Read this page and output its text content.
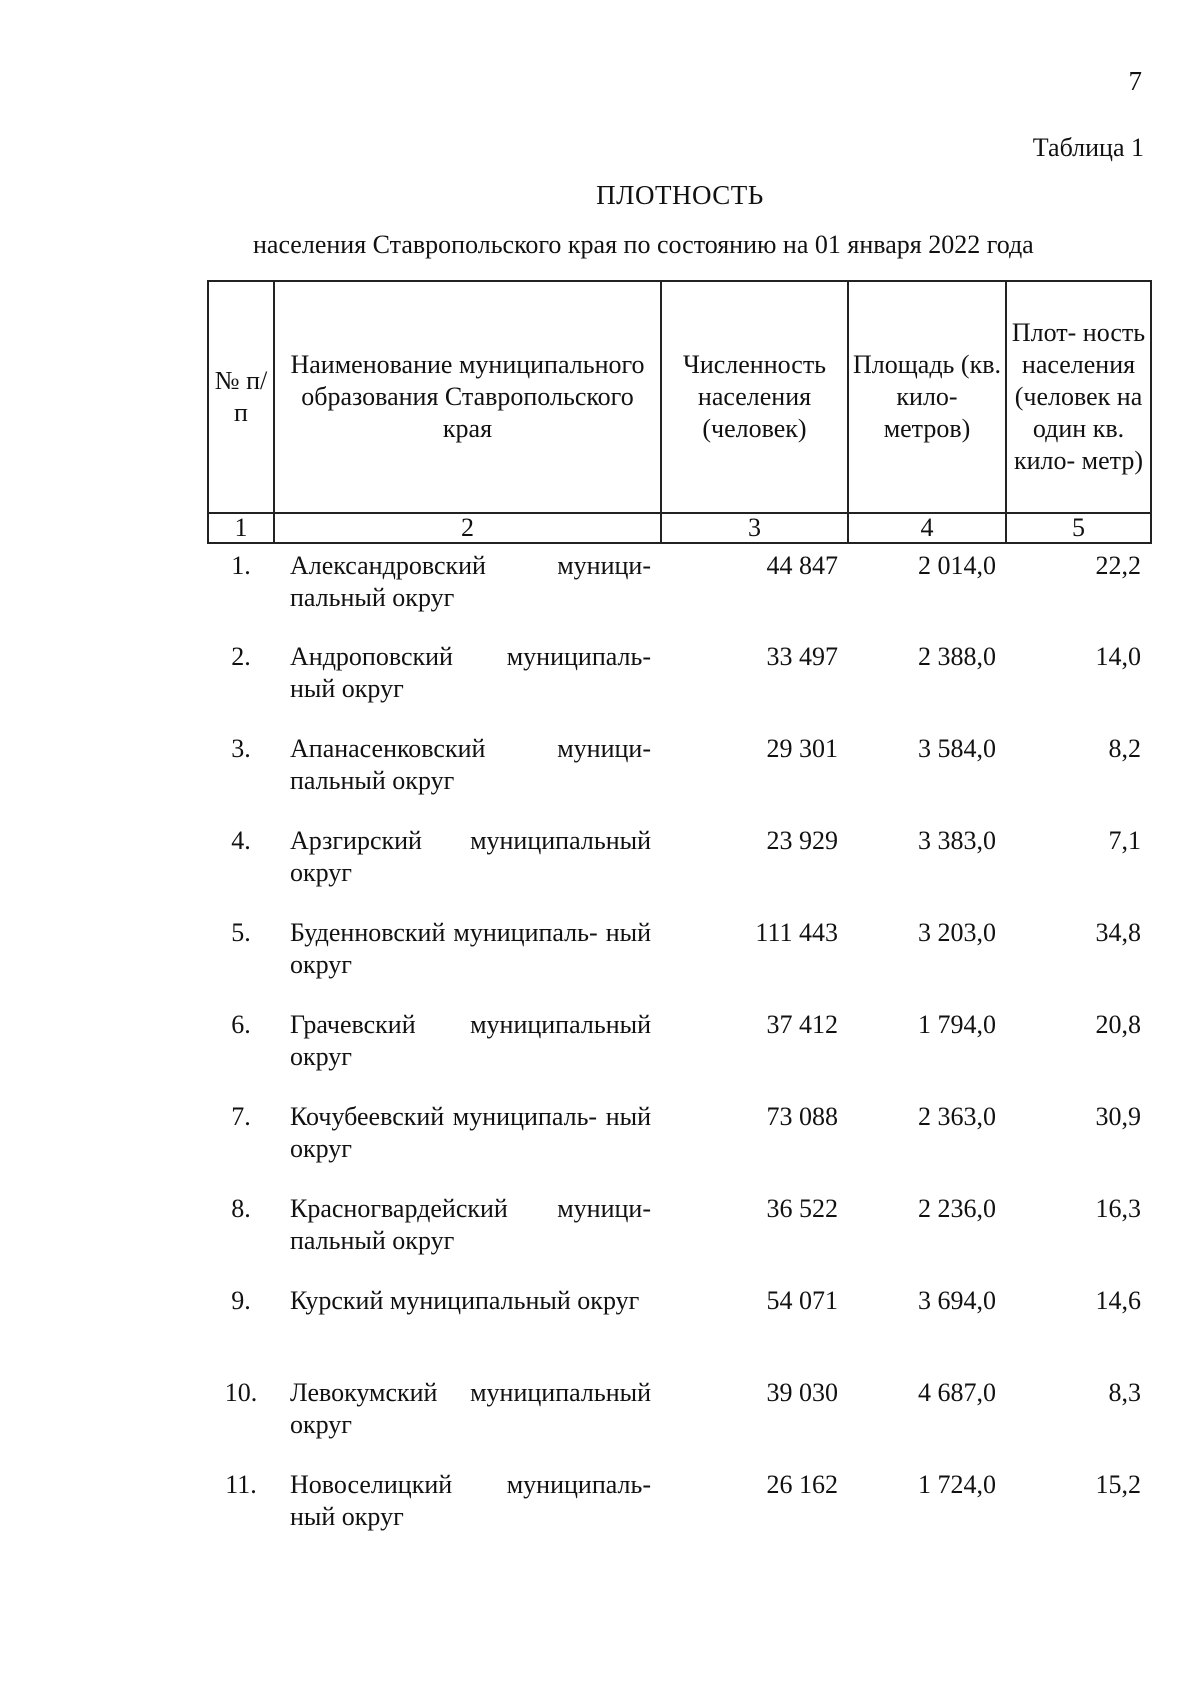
7
Таблица 1
ПЛОТНОСТЬ
населения Ставропольского края по состоянию на 01 января 2022 года
№ п/п	Наименование муниципального образования Ставропольского края	Численность населения (человек)	Площадь (кв. кило- метров)	Плот- ность населения (человек на один кв. кило- метр)
1	2	3	4	5
1.	Александровский муници- пальный округ	44 847	2 014,0	22,2
2.	Андроповский муниципаль- ный округ	33 497	2 388,0	14,0
3.	Апанасенковский муници- пальный округ	29 301	3 584,0	8,2
4.	Арзгирский муниципальный округ	23 929	3 383,0	7,1
5.	Буденновский муниципаль- ный округ	111 443	3 203,0	34,8
6.	Грачевский муниципальный округ	37 412	1 794,0	20,8
7.	Кочубеевский муниципаль- ный округ	73 088	2 363,0	30,9
8.	Красногвардейский муници- пальный округ	36 522	2 236,0	16,3
9.	Курский муниципальный округ	54 071	3 694,0	14,6
10.	Левокумский муниципальный округ	39 030	4 687,0	8,3
11.	Новоселицкий муниципаль- ный округ	26 162	1 724,0	15,2
